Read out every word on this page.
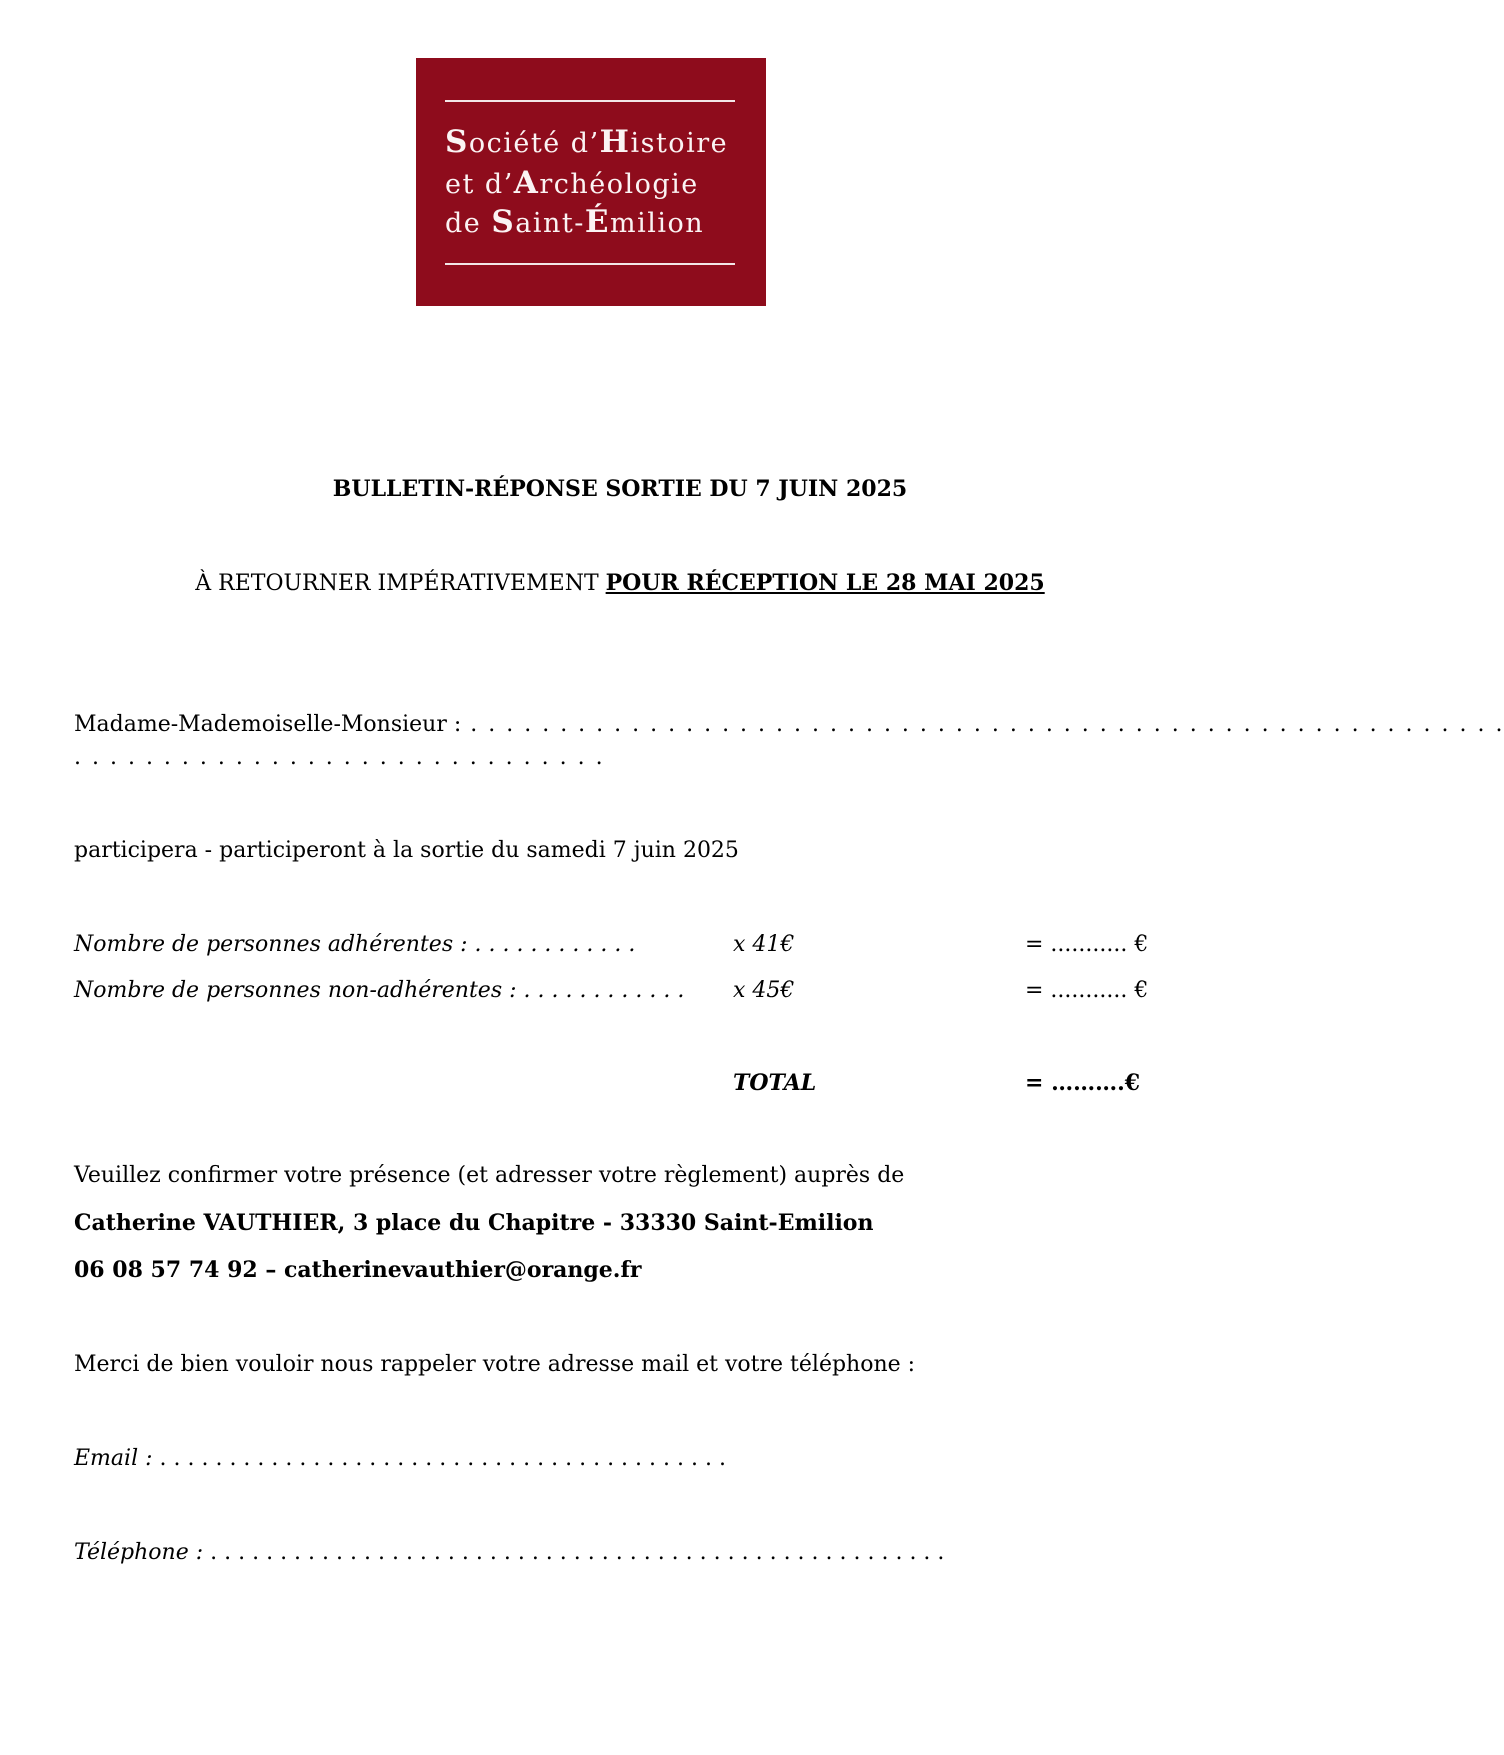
Société d’Histoire
et d’Archéologie
de Saint-Émilion
BULLETIN-RÉPONSE SORTIE DU 7 JUIN 2025
À RETOURNER IMPÉRATIVEMENT POUR RÉCEPTION LE 28 MAI 2025
Madame-Mademoiselle-Monsieur : . . . . . . . . . . . . . . . . . . . . . . . . . . . . . . . . . . . . . . . . . . . . . . . . . . . . . . . . . .
. . . . . . . . . . . . . . . . . . . . . . . . . . . . . .
participera - participeront à la sortie du samedi 7 juin 2025
Nombre de personnes adhérentes : . . . . . . . . . . . .	x 41€	= ........... €
Nombre de personnes non-adhérentes : . . . . . . . . . . . . x 45€	= ........... €
TOTAL	= ……….€
Veuillez confirmer votre présence (et adresser votre règlement) auprès de
Catherine VAUTHIER, 3 place du Chapitre - 33330 Saint-Emilion
06 08 57 74 92 – catherinevauthier@orange.fr
Merci de bien vouloir nous rappeler votre adresse mail et votre téléphone :
Email : . . . . . . . . . . . . . . . . . . . . . . . . . . . . . . . . . . . . . . . . .
Téléphone : . . . . . . . . . . . . . . . . . . . . . . . . . . . . . . . . . . . . . . . . . . . . . . . . . . . . .
